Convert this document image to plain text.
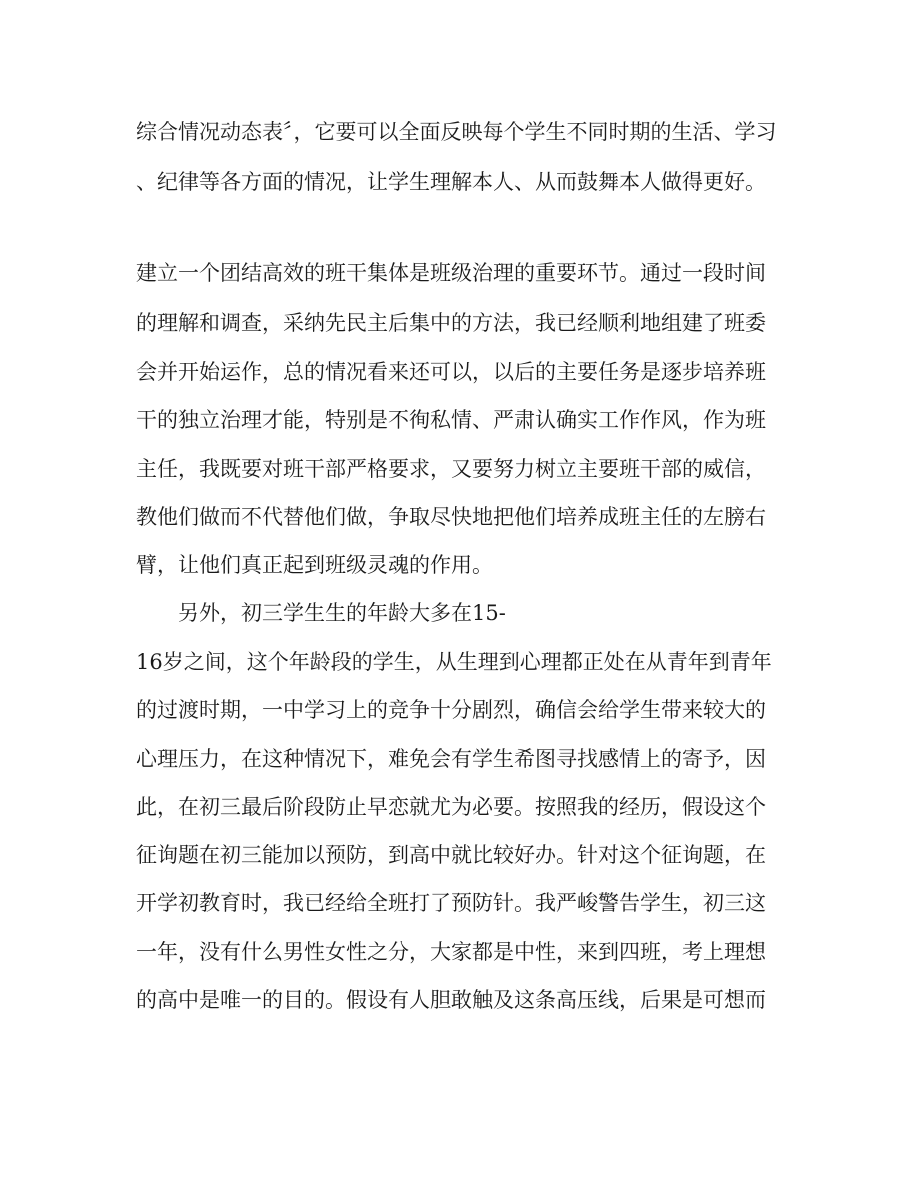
综合情况动态表〞，它要可以全面反映每个学生不同时期的生活、学习
、纪律等各方面的情况，让学生理解本人、从而鼓舞本人做得更好。
建立一个团结高效的班干集体是班级治理的重要环节。通过一段时间
的理解和调查，采纳先民主后集中的方法，我已经顺利地组建了班委
会并开始运作，总的情况看来还可以，以后的主要任务是逐步培养班
干的独立治理才能，特别是不徇私情、严肃认确实工作作风，作为班
主任，我既要对班干部严格要求，又要努力树立主要班干部的威信，
教他们做而不代替他们做，争取尽快地把他们培养成班主任的左膀右
臂，让他们真正起到班级灵魂的作用。
另外，初三学生生的年龄大多在15-
16岁之间，这个年龄段的学生，从生理到心理都正处在从青年到青年
的过渡时期，一中学习上的竞争十分剧烈，确信会给学生带来较大的
心理压力，在这种情况下，难免会有学生希图寻找感情上的寄予，因
此，在初三最后阶段防止早恋就尤为必要。按照我的经历，假设这个
征询题在初三能加以预防，到高中就比较好办。针对这个征询题，在
开学初教育时，我已经给全班打了预防针。我严峻警告学生，初三这
一年，没有什么男性女性之分，大家都是中性，来到四班，考上理想
的高中是唯一的目的。假设有人胆敢触及这条高压线，后果是可想而
